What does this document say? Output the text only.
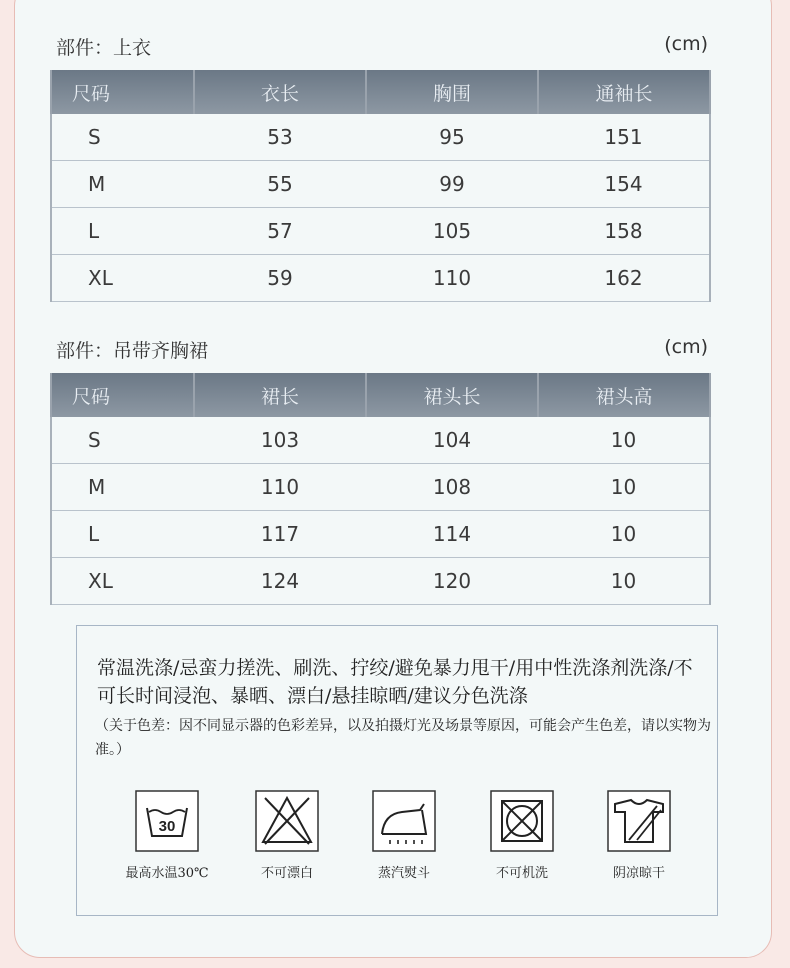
部件：上衣	(cm)
尺码	衣长	胸围	通袖长
S	53	95	151
M	55	99	154
L	57	105	158
XL	59	110	162
部件：吊带齐胸裙	(cm)
尺码	裙长	裙头长	裙头高
S	103	104	10
M	110	108	10
L	117	114	10
XL	124	120	10
常温洗涤/忌蛮力搓洗、刷洗、拧绞/避免暴力甩干/用中性洗涤剂洗涤/不可长时间浸泡、暴晒、漂白/悬挂晾晒/建议分色洗涤
（关于色差：因不同显示器的色彩差异，以及拍摄灯光及场景等原因，可能会产生色差，请以实物为准。）
30
最高水温30℃	不可漂白	蒸汽熨斗	不可机洗	阴凉晾干
